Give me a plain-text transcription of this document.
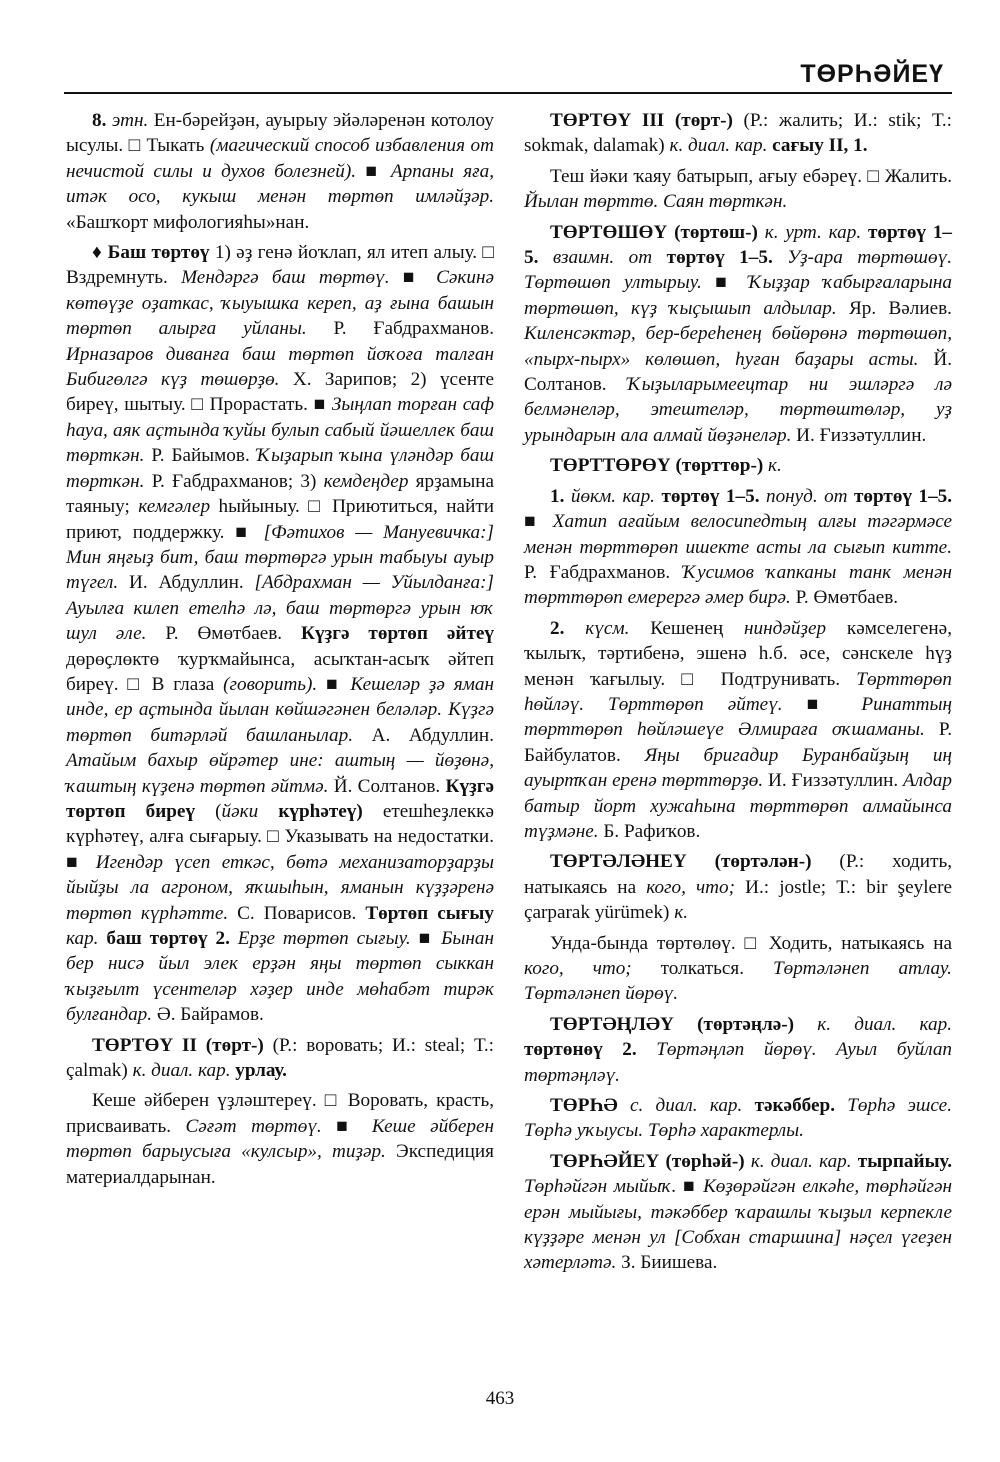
ТӨРҺӘЙЕҮ

8. этн. Ен-бәрейҙән, ауырыу эйәләренән котолоу ысулы. □ Тыкать (магический способ избавления от нечистой силы и духов болезней). ■ Арпаны яға, итәк осо, кукыш менән төртөп имләйҙәр. «Башҡорт мифологияһы»нан.

♦ Баш төртөү 1) әҙ генә йоҡлап, ял итеп алыу. □ Вздремнуть. Мендәргә баш төртөү. ■ Сәкинә көтөүҙе оҙаткас, ҡыуышка кереп, аҙ ғына башын төртөп алырға уйланы. Р. Ғабдрахманов. Ирназаров диванға баш төртөп йоҡоға талған Бибигөлгә күҙ төшөрҙө. Х. Зарипов; 2) үсенте биреү, шытыу. □ Прорастать. ■ Зыңлап торған саф һауа, аяк аҫтында ҡуйы булып сабый йәшеллек баш төрткән. Р. Байымов. Ҡыҙарып ҡына үләндәр баш төрткән. Р. Ғабдрахманов; 3) кемдеңдер ярҙамына таяныу; кемгәлер һыйыныу. □ Приютиться, найти приют, поддержку. ■ [Фәтихов — Мануевичка:] Мин яңғыҙ бит, баш төртөргә урын табыуы ауыр түгел. И. Абдуллин. [Абдрахман — Уйылданға:] Ауылға килеп етелһә лә, баш төртөргә урын юҡ шул әле. Р. Өмөтбаев. Күҙгә төртөп әйтеү дөрөҫлөктө ҡурҡмайынса, асыҡтан-асыҡ әйтеп биреү. □ В глаза (говорить). ■ Кешеләр ҙә яман инде, ер аҫтында йылан көйшәгәнен беләләр. Күҙгә төртөп битәрләй башланылар. А. Абдуллин. Атайым бахыр өйрәтер ине: аштың — йөҙөнә, ҡаштың күҙенә төртөп әйтмә. Й. Солтанов. Күҙгә төртөп биреү (йәки күрһәтеү) етешһеҙлеккә күрһәтеү, алға сығарыу. □ Указывать на недостатки. ■ Игендәр үсеп еткәс, бөтә механизаторҙарҙы йыйҙы ла агроном, яҡшыһын, яманын күҙҙәренә төртөп күрһәтте. С. Поварисов. Төртөп сығыу кар. баш төртөү 2. Ерҙе төртөп сығыу. ■ Бынан бер нисә йыл элек ерҙән яңы төртөп сыккан ҡыҙғылт үсентеләр хәҙер инде мөһабәт тирәк булғандар. Ә. Байрамов.

ТӨРТӨҮ II (төрт-) (Р.: воровать; И.: steal; Т.: çalmak) к. диал. кар. урлау.

Кеше әйберен үҙләштереү. □ Воровать, красть, присваивать. Сәғәт төртөү. ■ Кеше әйберен төртөп барыусыға «кулсыр», тиҙәр. Экспедиция материалдарынан.

ТӨРТӨҮ III (төрт-) (Р.: жалить; И.: stik; Т.: sokmak, dalamak) к. диал. кар. сағыу II, 1.

Теш йәки ҡаяу батырып, ағыу ебәреү. □ Жалить. Йылан төрттө. Саян төрткән.

ТӨРТӨШӨҮ (төртөш-) к. урт. кар. төртөү 1–5. взаимн. от төртөү 1–5. Уҙ-ара төртөшөү. Төртөшөп ултырыу. ■ Ҡыҙҙар ҡабырғаларына төртөшөп, күҙ ҡыҫышып алдылар. Яр. Вәлиев. Киленсәктәр, бер-береһенең бөйөрөнә төртөшөп, «пырх-пырх» көлөшөп, һуған баҙары асты. Й. Солтанов. Ҡыҙыларымеецтар ни эшләргә лә белмәнеләр, этештеләр, төртөштөләр, уҙ урындарын ала алмай йөҙәнеләр. И. Ғиззәтуллин.

ТӨРТТӨРӨҮ (төрттөр-) к.

1. йөкм. кар. төртөү 1–5. понуд. от төртөү 1–5. ■ Хатип ағайым велосипедтың алғы тәгәрмәсе менән төрттөрөп ишекте асты ла сығып китте. Р. Ғабдрахманов. Ҡусимов ҡапканы танк менән төрттөрөп емерергә әмер бирә. Р. Өмөтбаев.

2. күсм. Кешенең ниндәйҙер кәмселегенә, ҡылыҡ, тәртибенә, эшенә һ.б. әсе, сәнскеле һүҙ менән ҡағылыу. □ Подтрунивать. Төрттөрөп һөйләү. Төрттөрөп әйтеү. ■ Ринаттың төрттөрөп һөйләшеүе Әлмираға оҡшаманы. Р. Байбулатов. Яңы бригадир Буранбайҙың иң ауыртҡан еренә төрттөрҙө. И. Ғиззәтуллин. Алдар батыр йорт хужаһына төрттөрөп алмайынса түҙмәне. Б. Рафиҡов.

ТӨРТӘЛӘНЕҮ (төртәлән-) (Р.: ходить, натыкаясь на кого, что; И.: jostle; Т.: bir şeylere çarparak yürümek) к.

Унда-бында төртөлөү. □ Ходить, натыкаясь на кого, что; толкаться. Төртәләнеп атлау. Төртәләнеп йөрөү.

ТӨРТӘҢЛӘҮ (төртәңлә-) к. диал. кар. төртөнөү 2. Төртәңләп йөрөү. Ауыл буйлап төртәңләү.

ТӨРҺӘ с. диал. кар. тәкәббер. Төрһә эшсе. Төрһә уҡыусы. Төрһә характерлы.

ТӨРҺӘЙЕҮ (төрһәй-) к. диал. кар. тырпайыу. Төрһәйгән мыйыҡ. ■ Көҙөрәйгән елкәһе, төрһәйгән ерән мыйығы, тәкәббер ҡарашлы ҡыҙыл керпекле күҙҙәре менән ул [Собхан старшина] нәҫел үгеҙен хәтерләтә. З. Биишева.

463
